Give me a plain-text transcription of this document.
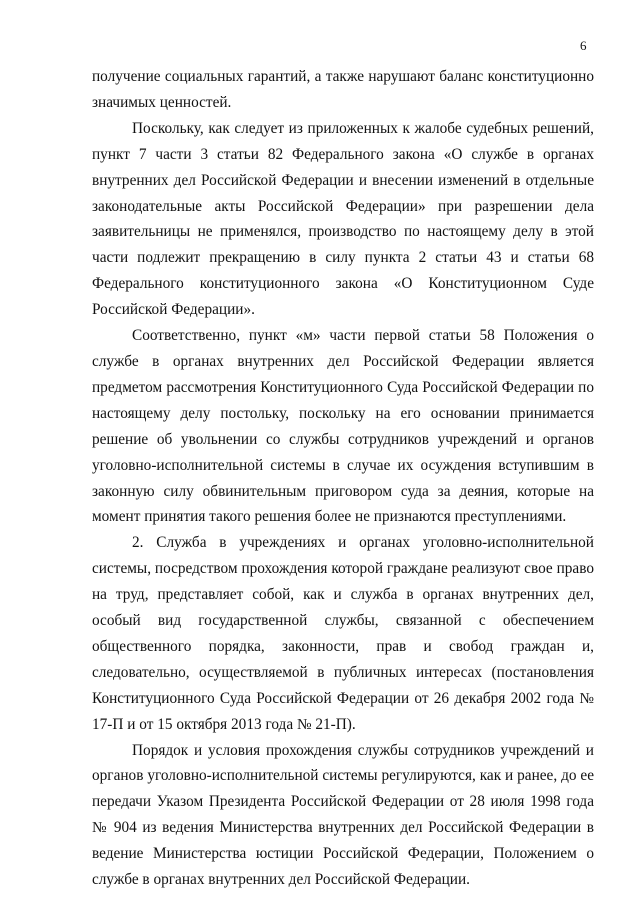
6

получение социальных гарантий, а также нарушают баланс конституционно значимых ценностей.

Поскольку, как следует из приложенных к жалобе судебных решений, пункт 7 части 3 статьи 82 Федерального закона «О службе в органах внутренних дел Российской Федерации и внесении изменений в отдельные законодательные акты Российской Федерации» при разрешении дела заявительницы не применялся, производство по настоящему делу в этой части подлежит прекращению в силу пункта 2 статьи 43 и статьи 68 Федерального конституционного закона «О Конституционном Суде Российской Федерации».

Соответственно, пункт «м» части первой статьи 58 Положения о службе в органах внутренних дел Российской Федерации является предметом рассмотрения Конституционного Суда Российской Федерации по настоящему делу постольку, поскольку на его основании принимается решение об увольнении со службы сотрудников учреждений и органов уголовно-исполнительной системы в случае их осуждения вступившим в законную силу обвинительным приговором суда за деяния, которые на момент принятия такого решения более не признаются преступлениями.

2. Служба в учреждениях и органах уголовно-исполнительной системы, посредством прохождения которой граждане реализуют свое право на труд, представляет собой, как и служба в органах внутренних дел, особый вид государственной службы, связанной с обеспечением общественного порядка, законности, прав и свобод граждан и, следовательно, осуществляемой в публичных интересах (постановления Конституционного Суда Российской Федерации от 26 декабря 2002 года № 17-П и от 15 октября 2013 года № 21-П).

Порядок и условия прохождения службы сотрудников учреждений и органов уголовно-исполнительной системы регулируются, как и ранее, до ее передачи Указом Президента Российской Федерации от 28 июля 1998 года № 904 из ведения Министерства внутренних дел Российской Федерации в ведение Министерства юстиции Российской Федерации, Положением о службе в органах внутренних дел Российской Федерации.
